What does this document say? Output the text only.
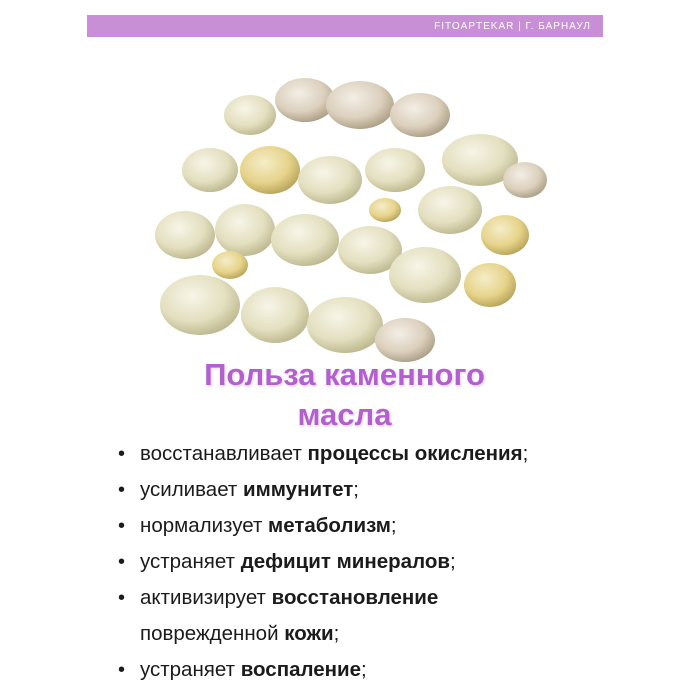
FITOAPTEKAR | Г. БАРНАУЛ
Польза каменного
масла
• восстанавливает процессы окисления;
• усиливает иммунитет;
• нормализует метаболизм;
• устраняет дефицит минералов;
• активизирует восстановление
поврежденной кожи;
• устраняет воспаление;
